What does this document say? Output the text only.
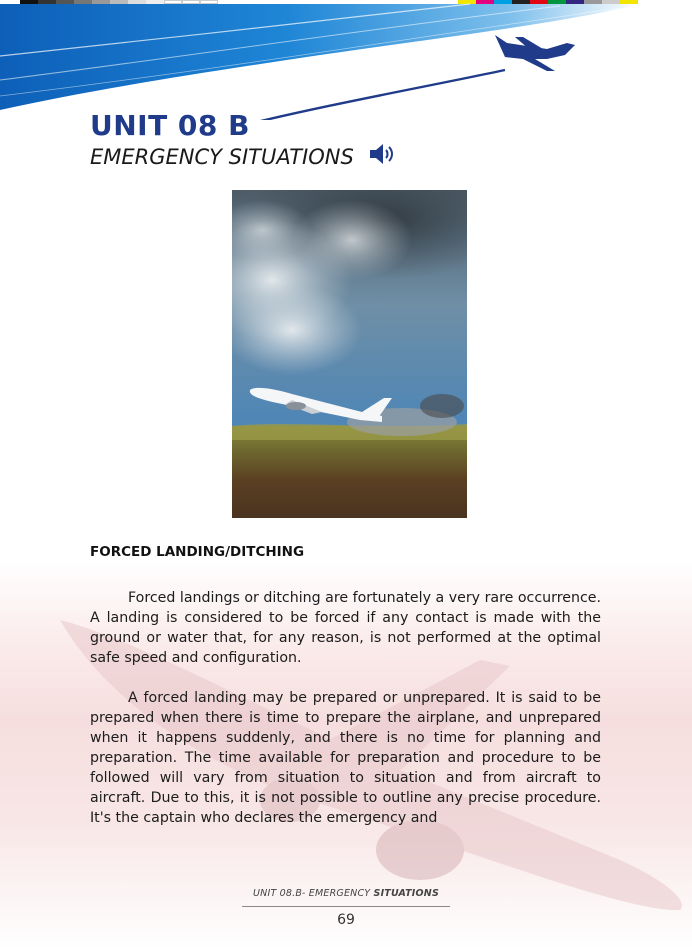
UNIT 08 B
EMERGENCY SITUATIONS
FORCED LANDING/DITCHING

Forced landings or ditching are fortunately a very rare occurrence. A landing is considered to be forced if any contact is made with the ground or water that, for any reason, is not performed at the optimal safe speed and configuration.

A forced landing may be prepared or unprepared. It is said to be prepared when there is time to prepare the airplane, and unprepared when it happens suddenly, and there is no time for planning and preparation. The time available for preparation and procedure to be followed will vary from situation to situation and from aircraft to aircraft. Due to this, it is not possible to outline any precise procedure. It's the captain who declares the emergency and

UNIT 08.B- EMERGENCY SITUATIONS
69
